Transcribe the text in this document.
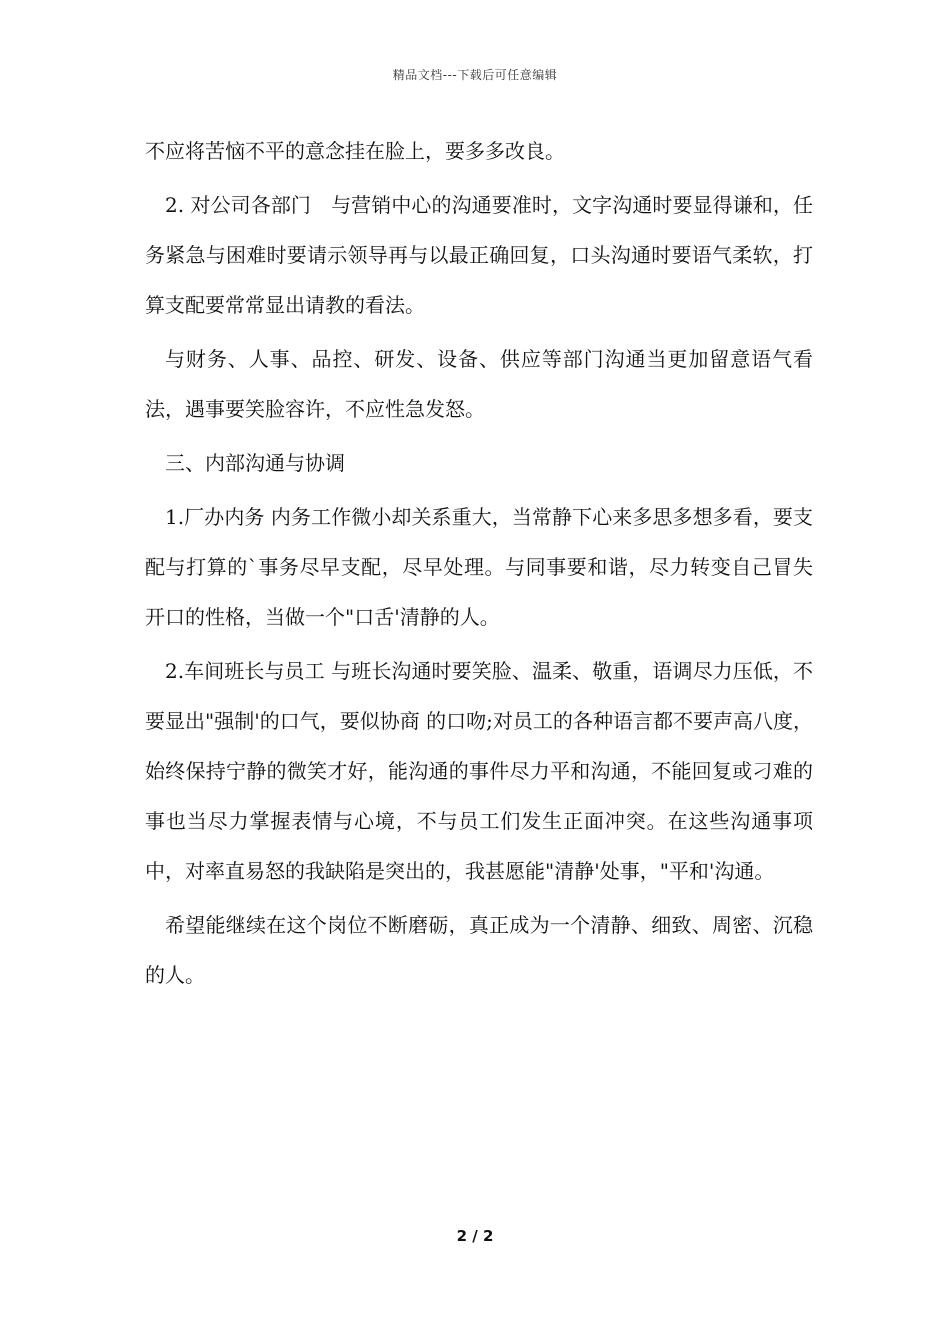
精品文档---下载后可任意编辑

不应将苦恼不平的意念挂在脸上，要多多改良。

2. 对公司各部门　与营销中心的沟通要准时，文字沟通时要显得谦和，任务紧急与困难时要请示领导再与以最正确回复，口头沟通时要语气柔软，打算支配要常常显出请教的看法。

与财务、人事、品控、研发、设备、供应等部门沟通当更加留意语气看法，遇事要笑脸容许，不应性急发怒。

三、内部沟通与协调

1.厂办内务 内务工作微小却关系重大，当常静下心来多思多想多看，要支配与打算的`事务尽早支配，尽早处理。与同事要和谐，尽力转变自己冒失开口的性格，当做一个"口舌'清静的人。

2.车间班长与员工 与班长沟通时要笑脸、温柔、敬重，语调尽力压低，不要显出"强制'的口气，要似协商 的口吻;对员工的各种语言都不要声高八度，始终保持宁静的微笑才好，能沟通的事件尽力平和沟通，不能回复或刁难的事也当尽力掌握表情与心境，不与员工们发生正面冲突。在这些沟通事项中，对率直易怒的我缺陷是突出的，我甚愿能"清静'处事，"平和'沟通。

希望能继续在这个岗位不断磨砺，真正成为一个清静、细致、周密、沉稳的人。

2 / 2
